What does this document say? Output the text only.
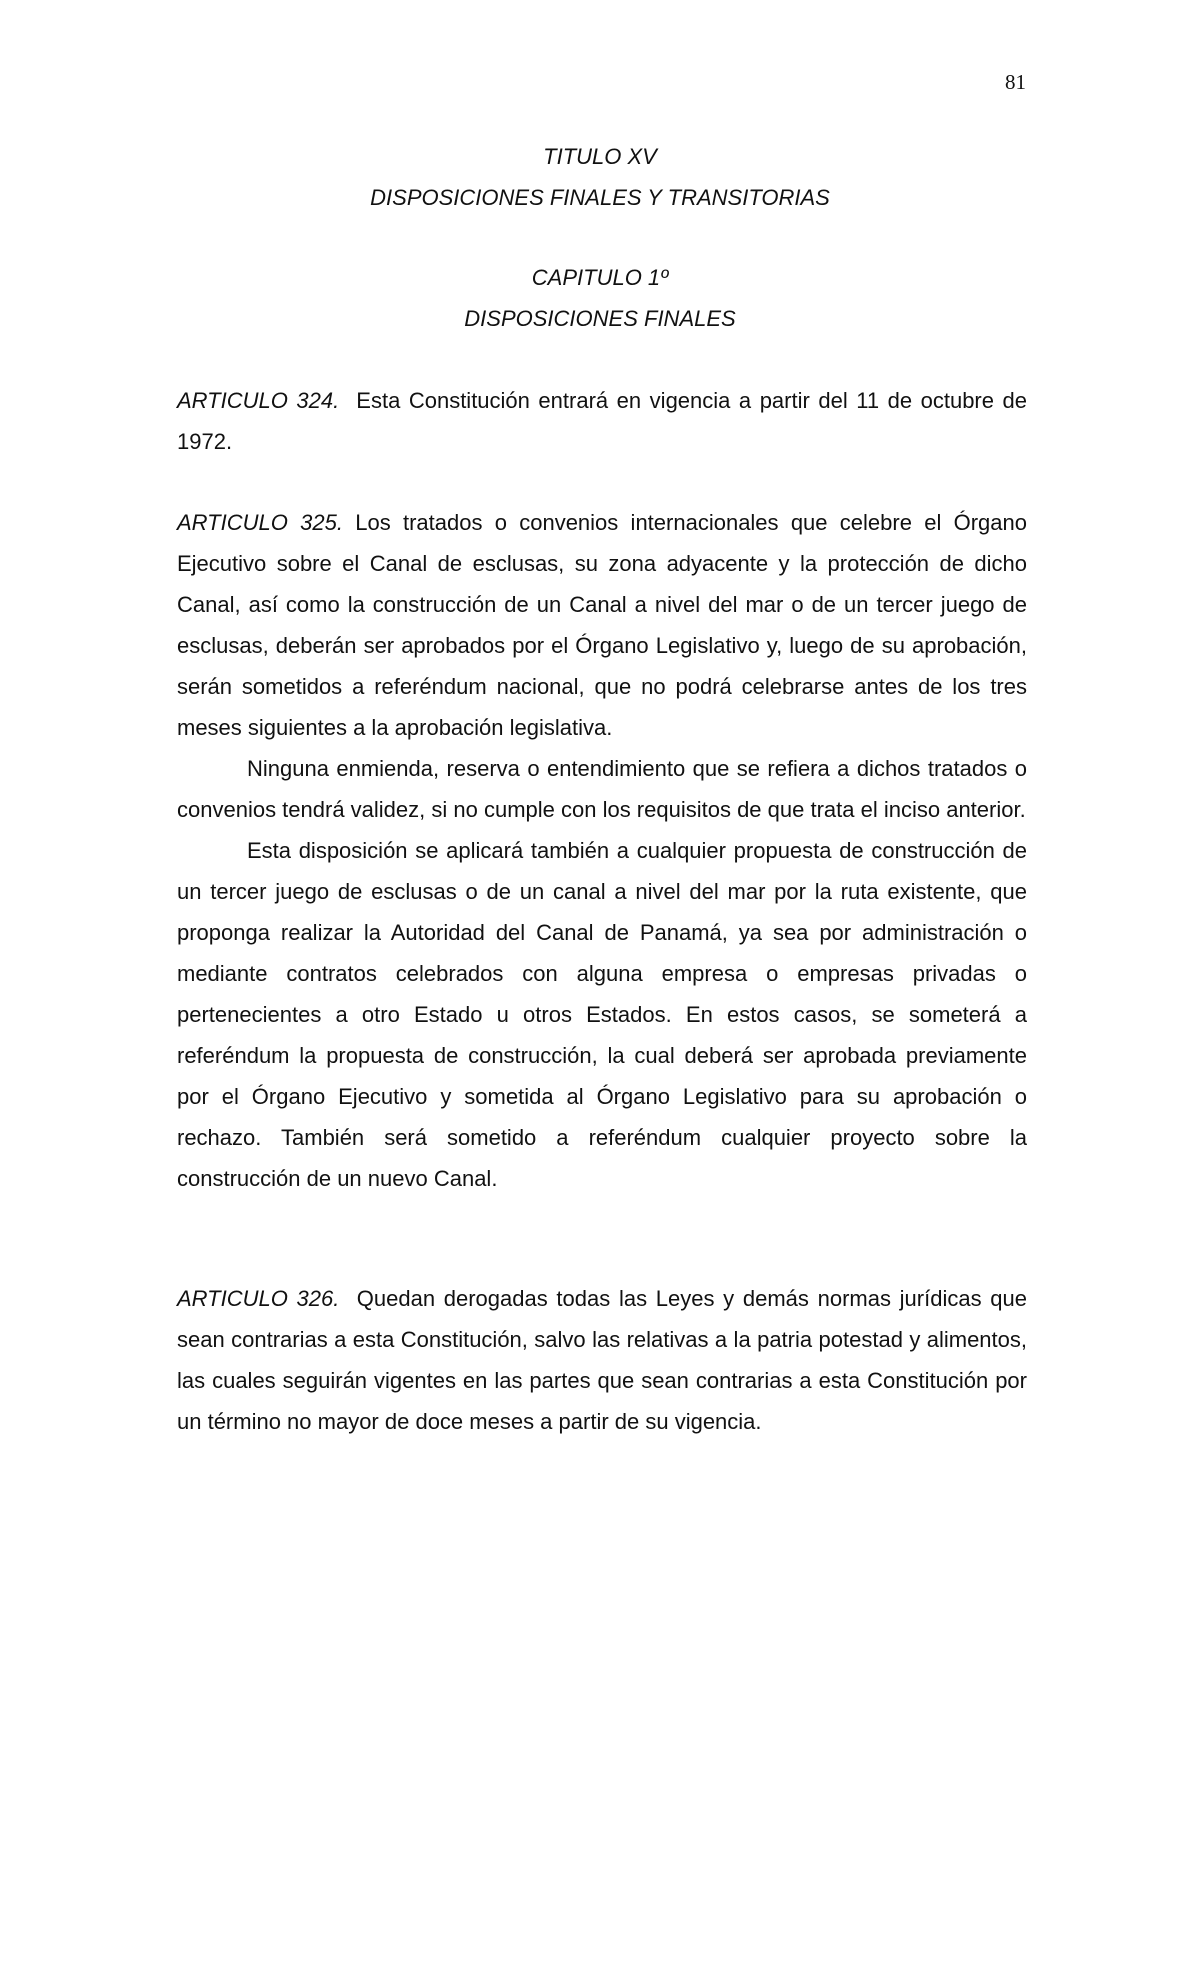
81
TITULO XV
DISPOSICIONES FINALES Y TRANSITORIAS
CAPITULO 1º
DISPOSICIONES FINALES

ARTICULO 324. Esta Constitución entrará en vigencia a partir del 11 de octubre de 1972.

ARTICULO 325. Los tratados o convenios internacionales que celebre el Órgano Ejecutivo sobre el Canal de esclusas, su zona adyacente y la protección de dicho Canal, así como la construcción de un Canal a nivel del mar o de un tercer juego de esclusas, deberán ser aprobados por el Órgano Legislativo y, luego de su aprobación, serán sometidos a referéndum nacional, que no podrá celebrarse antes de los tres meses siguientes a la aprobación legislativa.

Ninguna enmienda, reserva o entendimiento que se refiera a dichos tratados o convenios tendrá validez, si no cumple con los requisitos de que trata el inciso anterior.

Esta disposición se aplicará también a cualquier propuesta de construcción de un tercer juego de esclusas o de un canal a nivel del mar por la ruta existente, que proponga realizar la Autoridad del Canal de Panamá, ya sea por administración o mediante contratos celebrados con alguna empresa o empresas privadas o pertenecientes a otro Estado u otros Estados. En estos casos, se someterá a referéndum la propuesta de construcción, la cual deberá ser aprobada previamente por el Órgano Ejecutivo y sometida al Órgano Legislativo para su aprobación o rechazo. También será sometido a referéndum cualquier proyecto sobre la construcción de un nuevo Canal.

ARTICULO 326. Quedan derogadas todas las Leyes y demás normas jurídicas que sean contrarias a esta Constitución, salvo las relativas a la patria potestad y alimentos, las cuales seguirán vigentes en las partes que sean contrarias a esta Constitución por un término no mayor de doce meses a partir de su vigencia.
